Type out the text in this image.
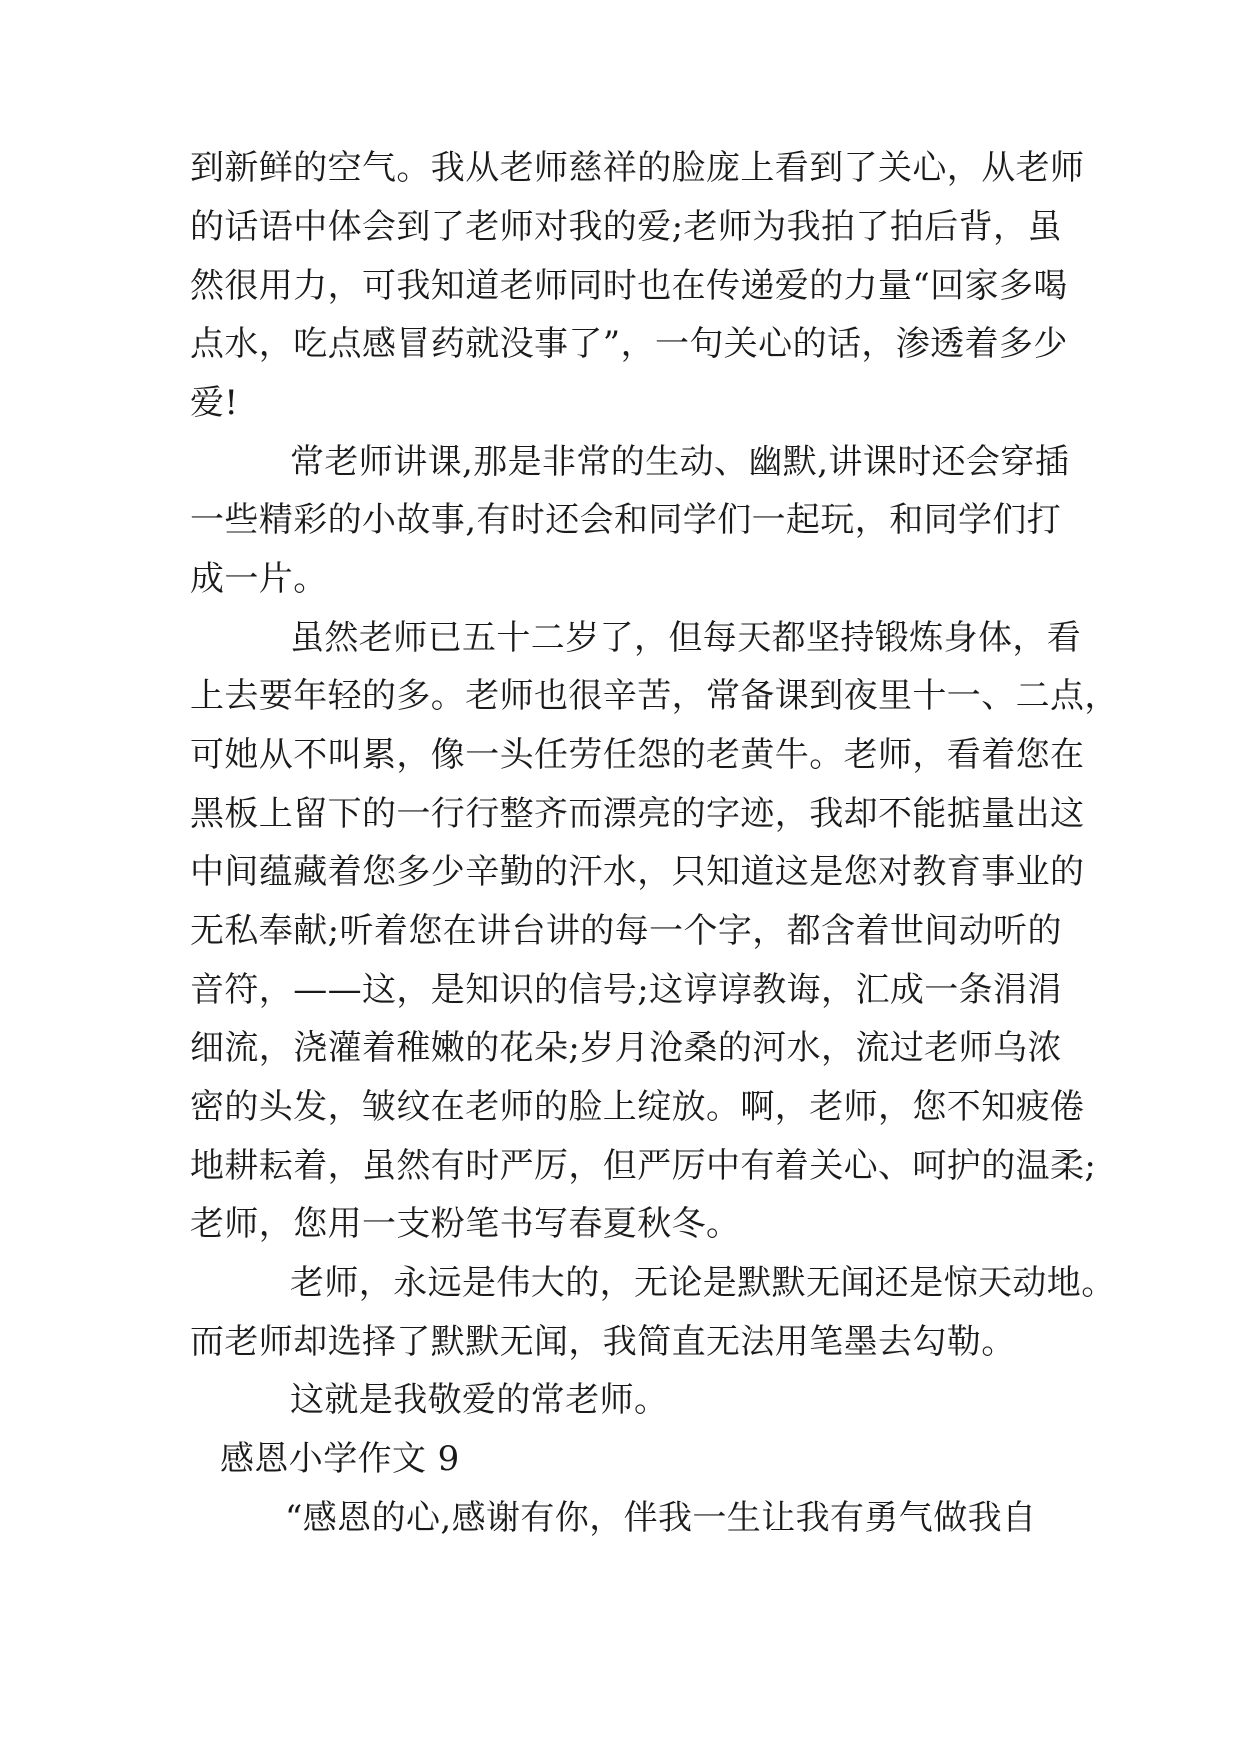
到新鲜的空气。我从老师慈祥的脸庞上看到了关心，从老师
的话语中体会到了老师对我的爱;老师为我拍了拍后背，虽
然很用力，可我知道老师同时也在传递爱的力量“回家多喝
点水，吃点感冒药就没事了”，一句关心的话，渗透着多少
爱!
常老师讲课,那是非常的生动、幽默,讲课时还会穿插
一些精彩的小故事,有时还会和同学们一起玩，和同学们打
成一片。
虽然老师已五十二岁了，但每天都坚持锻炼身体，看
上去要年轻的多。老师也很辛苦，常备课到夜里十一、二点，
可她从不叫累，像一头任劳任怨的老黄牛。老师，看着您在
黑板上留下的一行行整齐而漂亮的字迹，我却不能掂量出这
中间蕴藏着您多少辛勤的汗水，只知道这是您对教育事业的
无私奉献;听着您在讲台讲的每一个字，都含着世间动听的
音符，——这，是知识的信号;这谆谆教诲，汇成一条涓涓
细流，浇灌着稚嫩的花朵;岁月沧桑的河水，流过老师乌浓
密的头发，皱纹在老师的脸上绽放。啊，老师，您不知疲倦
地耕耘着，虽然有时严厉，但严厉中有着关心、呵护的温柔;
老师，您用一支粉笔书写春夏秋冬。
老师，永远是伟大的，无论是默默无闻还是惊天动地。
而老师却选择了默默无闻，我简直无法用笔墨去勾勒。
这就是我敬爱的常老师。
感恩小学作文 9
“感恩的心,感谢有你，伴我一生让我有勇气做我自
